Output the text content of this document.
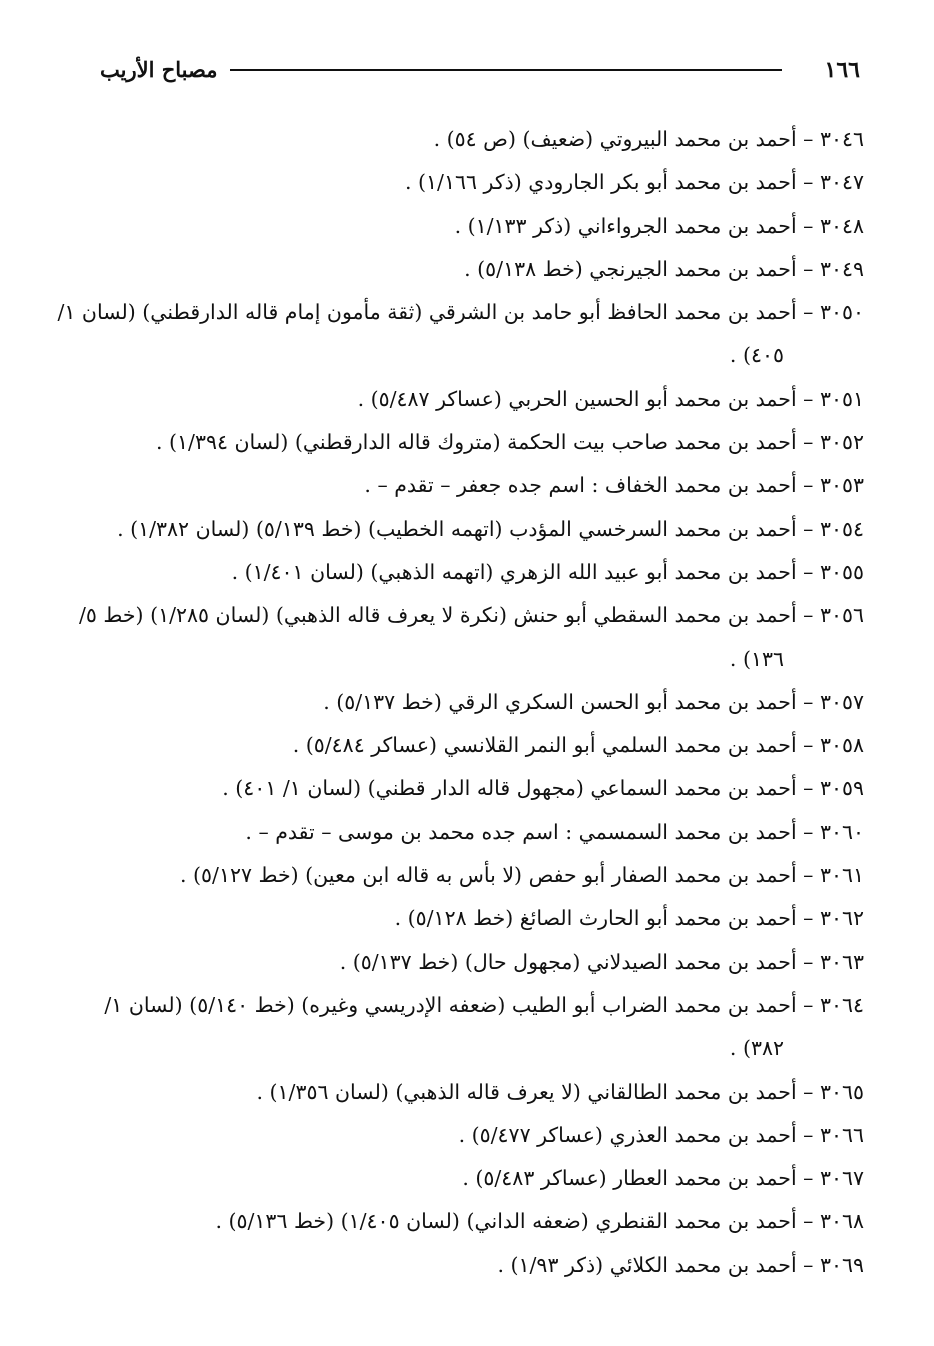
١٦٦
مصباح الأريب
٣٠٤٦ – أحمد بن محمد البيروتي (ضعيف) (ص ٥٤) .
٣٠٤٧ – أحمد بن محمد أبو بكر الجارودي (ذكر ١/١٦٦) .
٣٠٤٨ – أحمد بن محمد الجرواءاني (ذكر ١/١٣٣) .
٣٠٤٩ – أحمد بن محمد الجيرنجي (خط ٥/١٣٨) .
٣٠٥٠ – أحمد بن محمد الحافظ أبو حامد بن الشرقي (ثقة مأمون إمام قاله الدارقطني) (لسان ١/
٤٠٥) .
٣٠٥١ – أحمد بن محمد أبو الحسين الحربي (عساكر ٥/٤٨٧) .
٣٠٥٢ – أحمد بن محمد صاحب بيت الحكمة (متروك قاله الدارقطني) (لسان ١/٣٩٤) .
٣٠٥٣ – أحمد بن محمد الخفاف : اسم جده جعفر – تقدم – .
٣٠٥٤ – أحمد بن محمد السرخسي المؤدب (اتهمه الخطيب) (خط ٥/١٣٩) (لسان ١/٣٨٢) .
٣٠٥٥ – أحمد بن محمد أبو عبيد الله الزهري (اتهمه الذهبي) (لسان ١/٤٠١) .
٣٠٥٦ – أحمد بن محمد السقطي أبو حنش (نكرة لا يعرف قاله الذهبي) (لسان ١/٢٨٥) (خط ٥/
١٣٦) .
٣٠٥٧ – أحمد بن محمد أبو الحسن السكري الرقي (خط ٥/١٣٧) .
٣٠٥٨ – أحمد بن محمد السلمي أبو النمر القلانسي (عساكر ٥/٤٨٤) .
٣٠٥٩ – أحمد بن محمد السماعي (مجهول قاله الدار قطني) (لسان ١/ ٤٠١) .
٣٠٦٠ – أحمد بن محمد السمسمي : اسم جده محمد بن موسى – تقدم – .
٣٠٦١ – أحمد بن محمد الصفار أبو حفص (لا بأس به قاله ابن معين) (خط ٥/١٢٧) .
٣٠٦٢ – أحمد بن محمد أبو الحارث الصائغ (خط ٥/١٢٨) .
٣٠٦٣ – أحمد بن محمد الصيدلاني (مجهول حال) (خط ٥/١٣٧) .
٣٠٦٤ – أحمد بن محمد الضراب أبو الطيب (ضعفه الإدريسي وغيره) (خط ٥/١٤٠) (لسان ١/
٣٨٢) .
٣٠٦٥ – أحمد بن محمد الطالقاني (لا يعرف قاله الذهبي) (لسان ١/٣٥٦) .
٣٠٦٦ – أحمد بن محمد العذري (عساكر ٥/٤٧٧) .
٣٠٦٧ – أحمد بن محمد العطار (عساكر ٥/٤٨٣) .
٣٠٦٨ – أحمد بن محمد القنطري (ضعفه الداني) (لسان ١/٤٠٥) (خط ٥/١٣٦) .
٣٠٦٩ – أحمد بن محمد الكلائي (ذكر ١/٩٣) .
